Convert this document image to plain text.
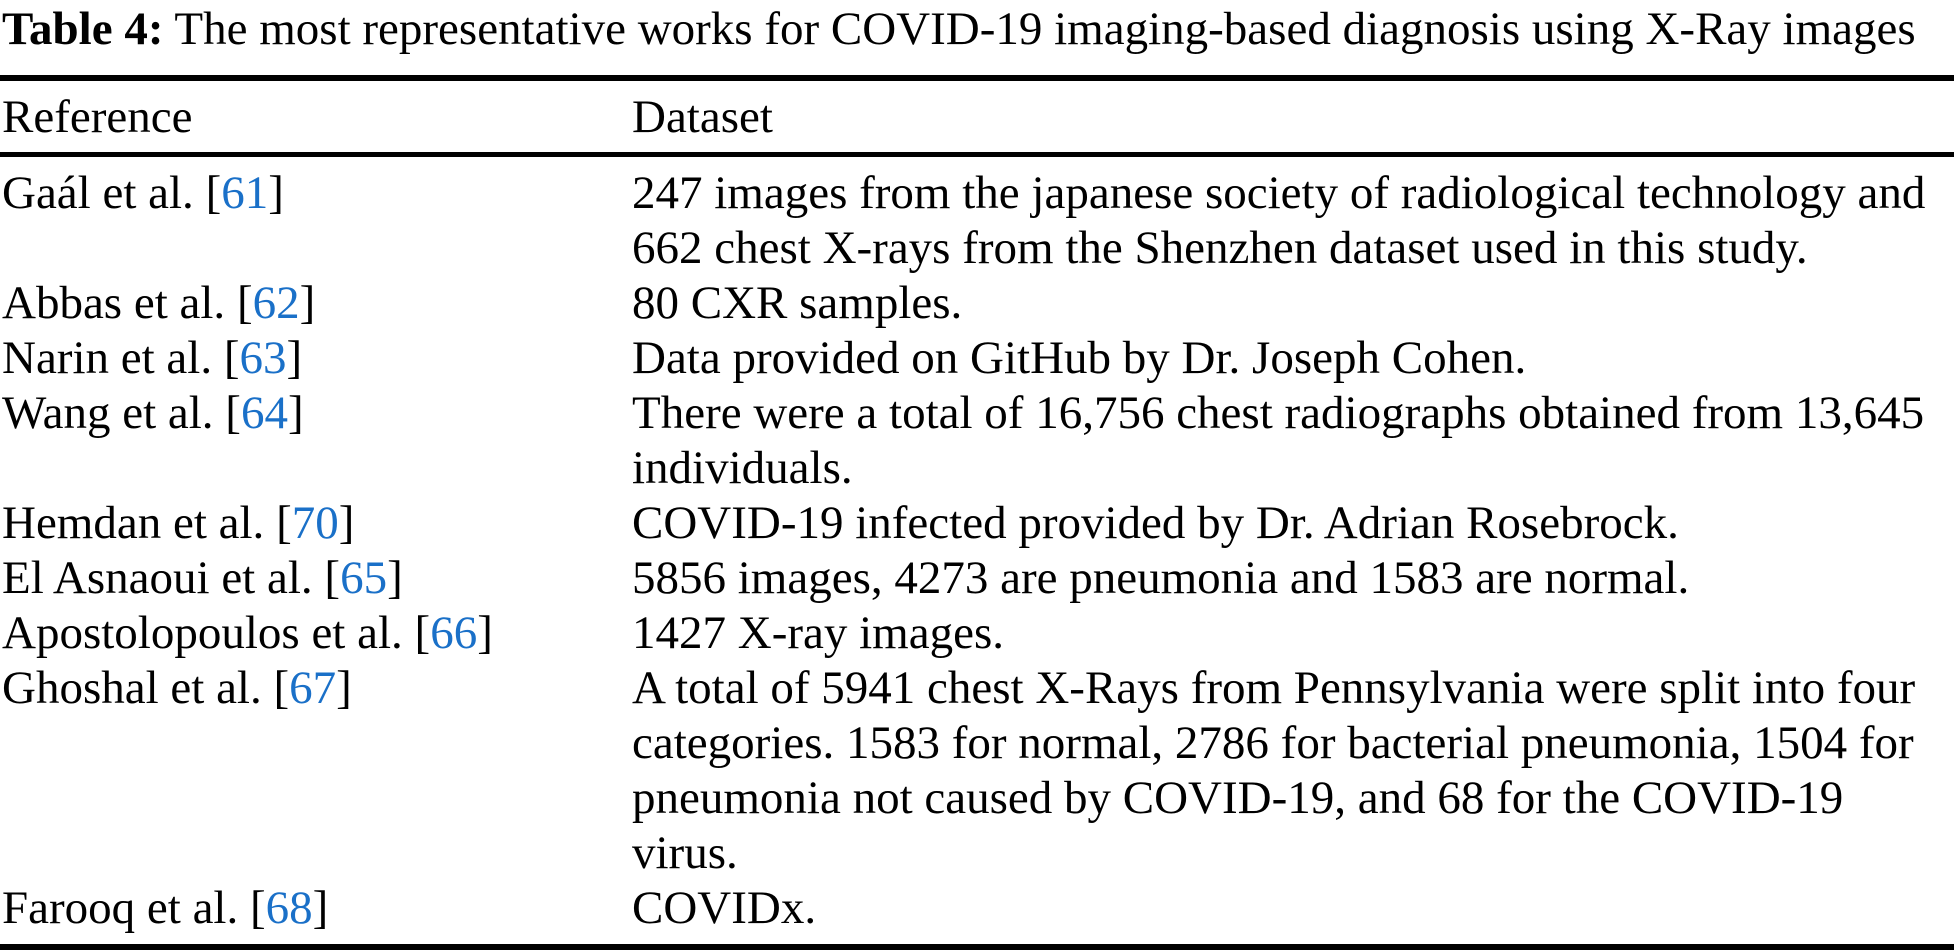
Table 4: The most representative works for COVID-19 imaging-based diagnosis using X-Ray images
Reference	Dataset
Gaál et al. [61]	247 images from the japanese society of radiological technology and 662 chest X-rays from the Shenzhen dataset used in this study.
Abbas et al. [62]	80 CXR samples.
Narin et al. [63]	Data provided on GitHub by Dr. Joseph Cohen.
Wang et al. [64]	There were a total of 16,756 chest radiographs obtained from 13,645 individuals.
Hemdan et al. [70]	COVID-19 infected provided by Dr. Adrian Rosebrock.
El Asnaoui et al. [65]	5856 images, 4273 are pneumonia and 1583 are normal.
Apostolopoulos et al. [66]	1427 X-ray images.
Ghoshal et al. [67]	A total of 5941 chest X-Rays from Pennsylvania were split into four categories. 1583 for normal, 2786 for bacterial pneumonia, 1504 for pneumonia not caused by COVID-19, and 68 for the COVID-19 virus.
Farooq et al. [68]	COVIDx.
